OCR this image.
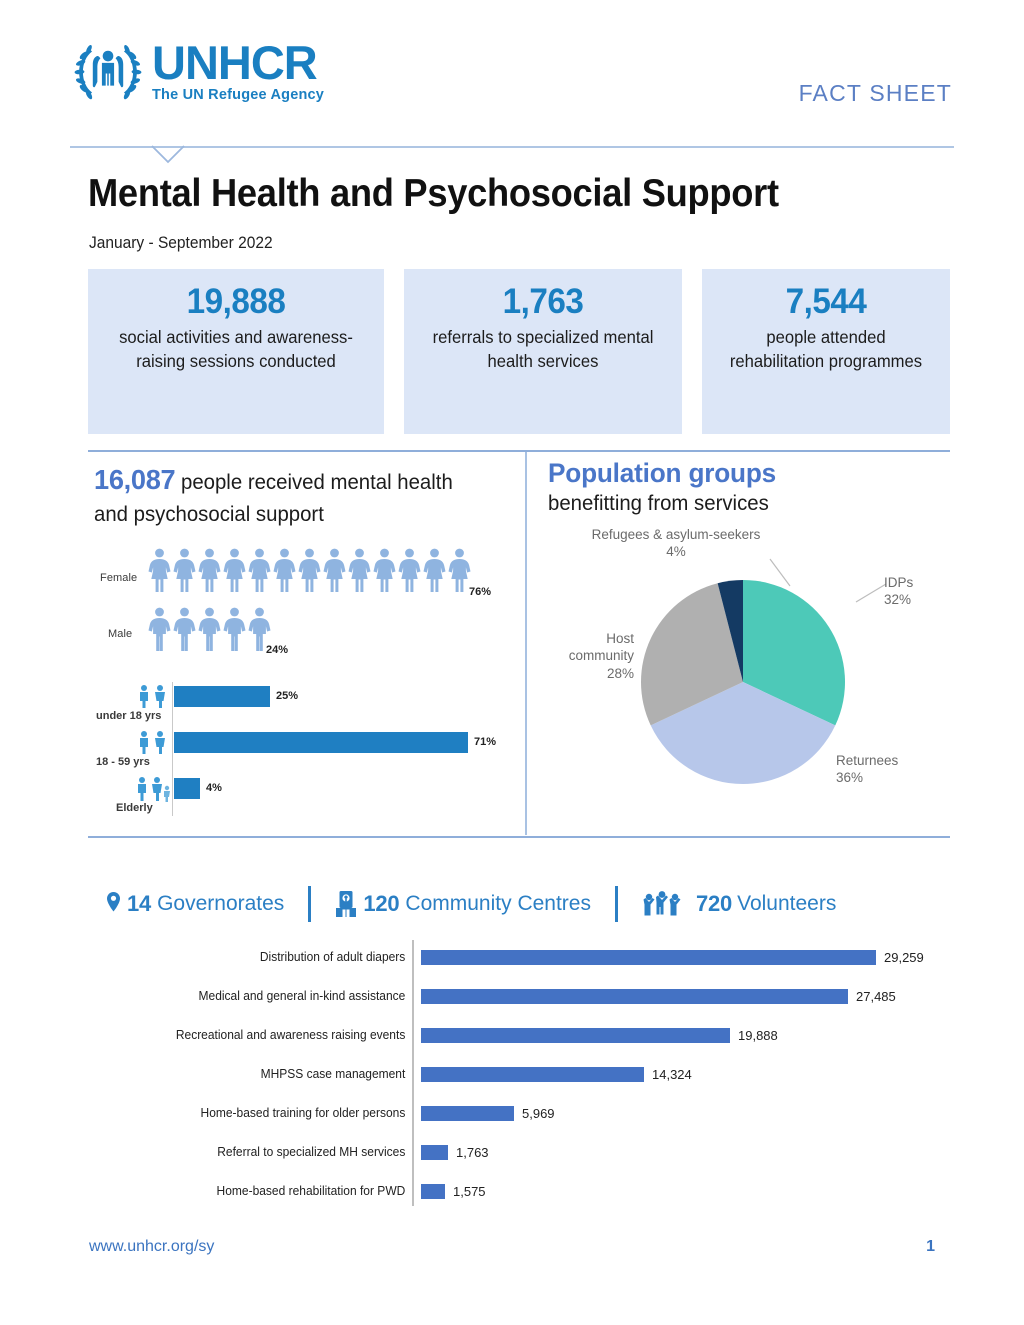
UNHCR
The UN Refugee Agency	FACT SHEET
Mental Health and Psychosocial Support
January - September 2022
19,888
social activities and awareness-raising sessions conducted
1,763
referrals to specialized mental health services
7,544
people attended rehabilitation programmes
16,087 people received mental health and psychosocial support
Female
76%
Male
24%
25%
under 18 yrs
71%
18 - 59 yrs
4%
Elderly
Population groups
benefitting from services
Refugees & asylum-seekers
4%
IDPs
32%
Host
community
28%
Returnees
36%
14 Governorates	120 Community Centres	720 Volunteers
Distribution of adult diapers	29,259
Medical and general in-kind assistance	27,485
Recreational and awareness raising events	19,888
MHPSS case management	14,324
Home-based training for older persons	5,969
Referral to specialized MH services	1,763
Home-based rehabilitation for PWD	1,575
www.unhcr.org/sy	1
